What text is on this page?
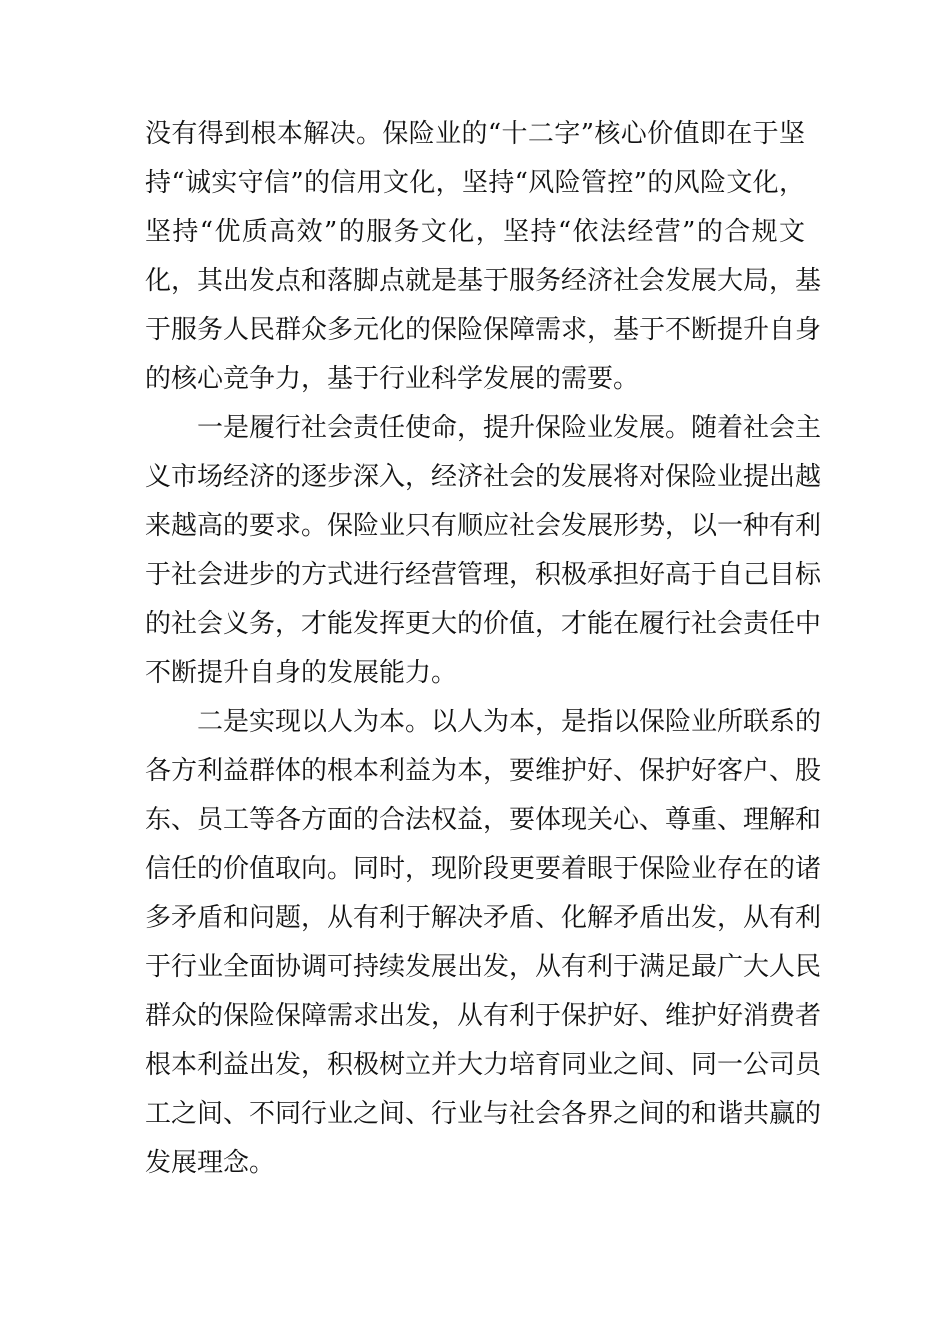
没有得到根本解决。保险业的“十二字”核心价值即在于坚
持“诚实守信”的信用文化，坚持“风险管控”的风险文化，
坚持“优质高效”的服务文化，坚持“依法经营”的合规文
化，其出发点和落脚点就是基于服务经济社会发展大局，基
于服务人民群众多元化的保险保障需求，基于不断提升自身
的核心竞争力，基于行业科学发展的需要。
一是履行社会责任使命，提升保险业发展。随着社会主
义市场经济的逐步深入，经济社会的发展将对保险业提出越
来越高的要求。保险业只有顺应社会发展形势，以一种有利
于社会进步的方式进行经营管理，积极承担好高于自己目标
的社会义务，才能发挥更大的价值，才能在履行社会责任中
不断提升自身的发展能力。
二是实现以人为本。以人为本，是指以保险业所联系的
各方利益群体的根本利益为本，要维护好、保护好客户、股
东、员工等各方面的合法权益，要体现关心、尊重、理解和
信任的价值取向。同时，现阶段更要着眼于保险业存在的诸
多矛盾和问题，从有利于解决矛盾、化解矛盾出发，从有利
于行业全面协调可持续发展出发，从有利于满足最广大人民
群众的保险保障需求出发，从有利于保护好、维护好消费者
根本利益出发，积极树立并大力培育同业之间、同一公司员
工之间、不同行业之间、行业与社会各界之间的和谐共赢的
发展理念。
